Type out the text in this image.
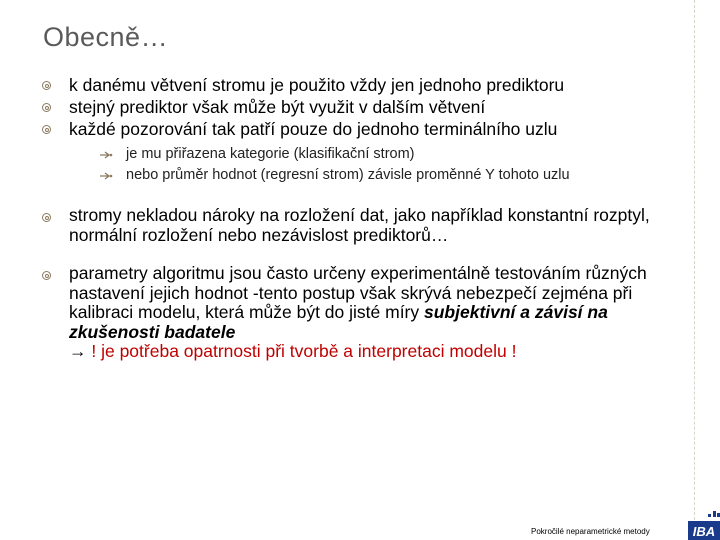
Obecně…
k danému větvení stromu je použito vždy jen jednoho prediktoru
stejný prediktor však může být využit v dalším větvení
každé pozorování tak patří pouze do jednoho terminálního uzlu
je mu přiřazena kategorie (klasifikační strom)
nebo průměr hodnot (regresní strom) závisle proměnné Y tohoto uzlu
stromy nekladou nároky na rozložení dat, jako například konstantní rozptyl, normální rozložení nebo nezávislost prediktorů…
parametry algoritmu jsou často určeny experimentálně testováním různých nastavení jejich hodnot -tento postup však skrývá nebezpečí zejména při kalibraci modelu, která může být do jisté míry subjektivní a závisí na zkušenosti badatele
→ ! je potřeba opatrnosti při tvorbě a interpretaci modelu !
Pokročilé neparametrické metody	IBA
